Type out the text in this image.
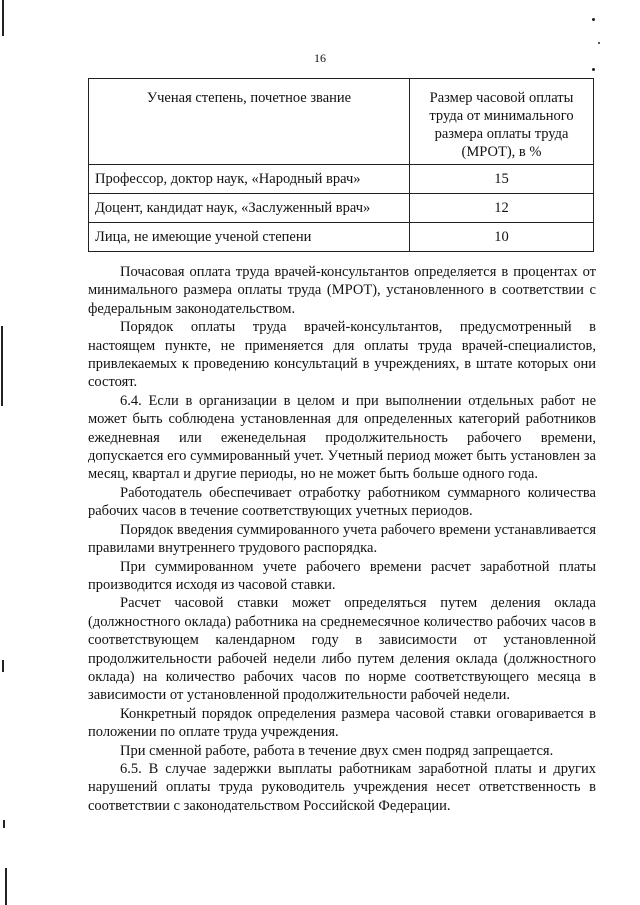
16
Ученая степень, почетное звание	Размер часовой оплаты труда от минимального размера оплаты труда (МРОТ), в %
Профессор, доктор наук, «Народный врач»	15
Доцент, кандидат наук, «Заслуженный врач»	12
Лица, не имеющие ученой степени	10

Почасовая оплата труда врачей-консультантов определяется в процентах от минимального размера оплаты труда (МРОТ), установленного в соответствии с федеральным законодательством.

Порядок оплаты труда врачей-консультантов, предусмотренный в настоящем пункте, не применяется для оплаты труда врачей-специалистов, привлекаемых к проведению консультаций в учреждениях, в штате которых они состоят.

6.4. Если в организации в целом и при выполнении отдельных работ не может быть соблюдена установленная для определенных категорий работников ежедневная или еженедельная продолжительность рабочего времени, допускается его суммированный учет. Учетный период может быть установлен за месяц, квартал и другие периоды, но не может быть больше одного года.

Работодатель обеспечивает отработку работником суммарного количества рабочих часов в течение соответствующих учетных периодов.

Порядок введения суммированного учета рабочего времени устанавливается правилами внутреннего трудового распорядка.

При суммированном учете рабочего времени расчет заработной платы производится исходя из часовой ставки.

Расчет часовой ставки может определяться путем деления оклада (должностного оклада) работника на среднемесячное количество рабочих часов в соответствующем календарном году в зависимости от установленной продолжительности рабочей недели либо путем деления оклада (должностного оклада) на количество рабочих часов по норме соответствующего месяца в зависимости от установленной продолжительности рабочей недели.

Конкретный порядок определения размера часовой ставки оговаривается в положении по оплате труда учреждения.

При сменной работе, работа в течение двух смен подряд запрещается.

6.5. В случае задержки выплаты работникам заработной платы и других нарушений оплаты труда руководитель учреждения несет ответственность в соответствии с законодательством Российской Федерации.
